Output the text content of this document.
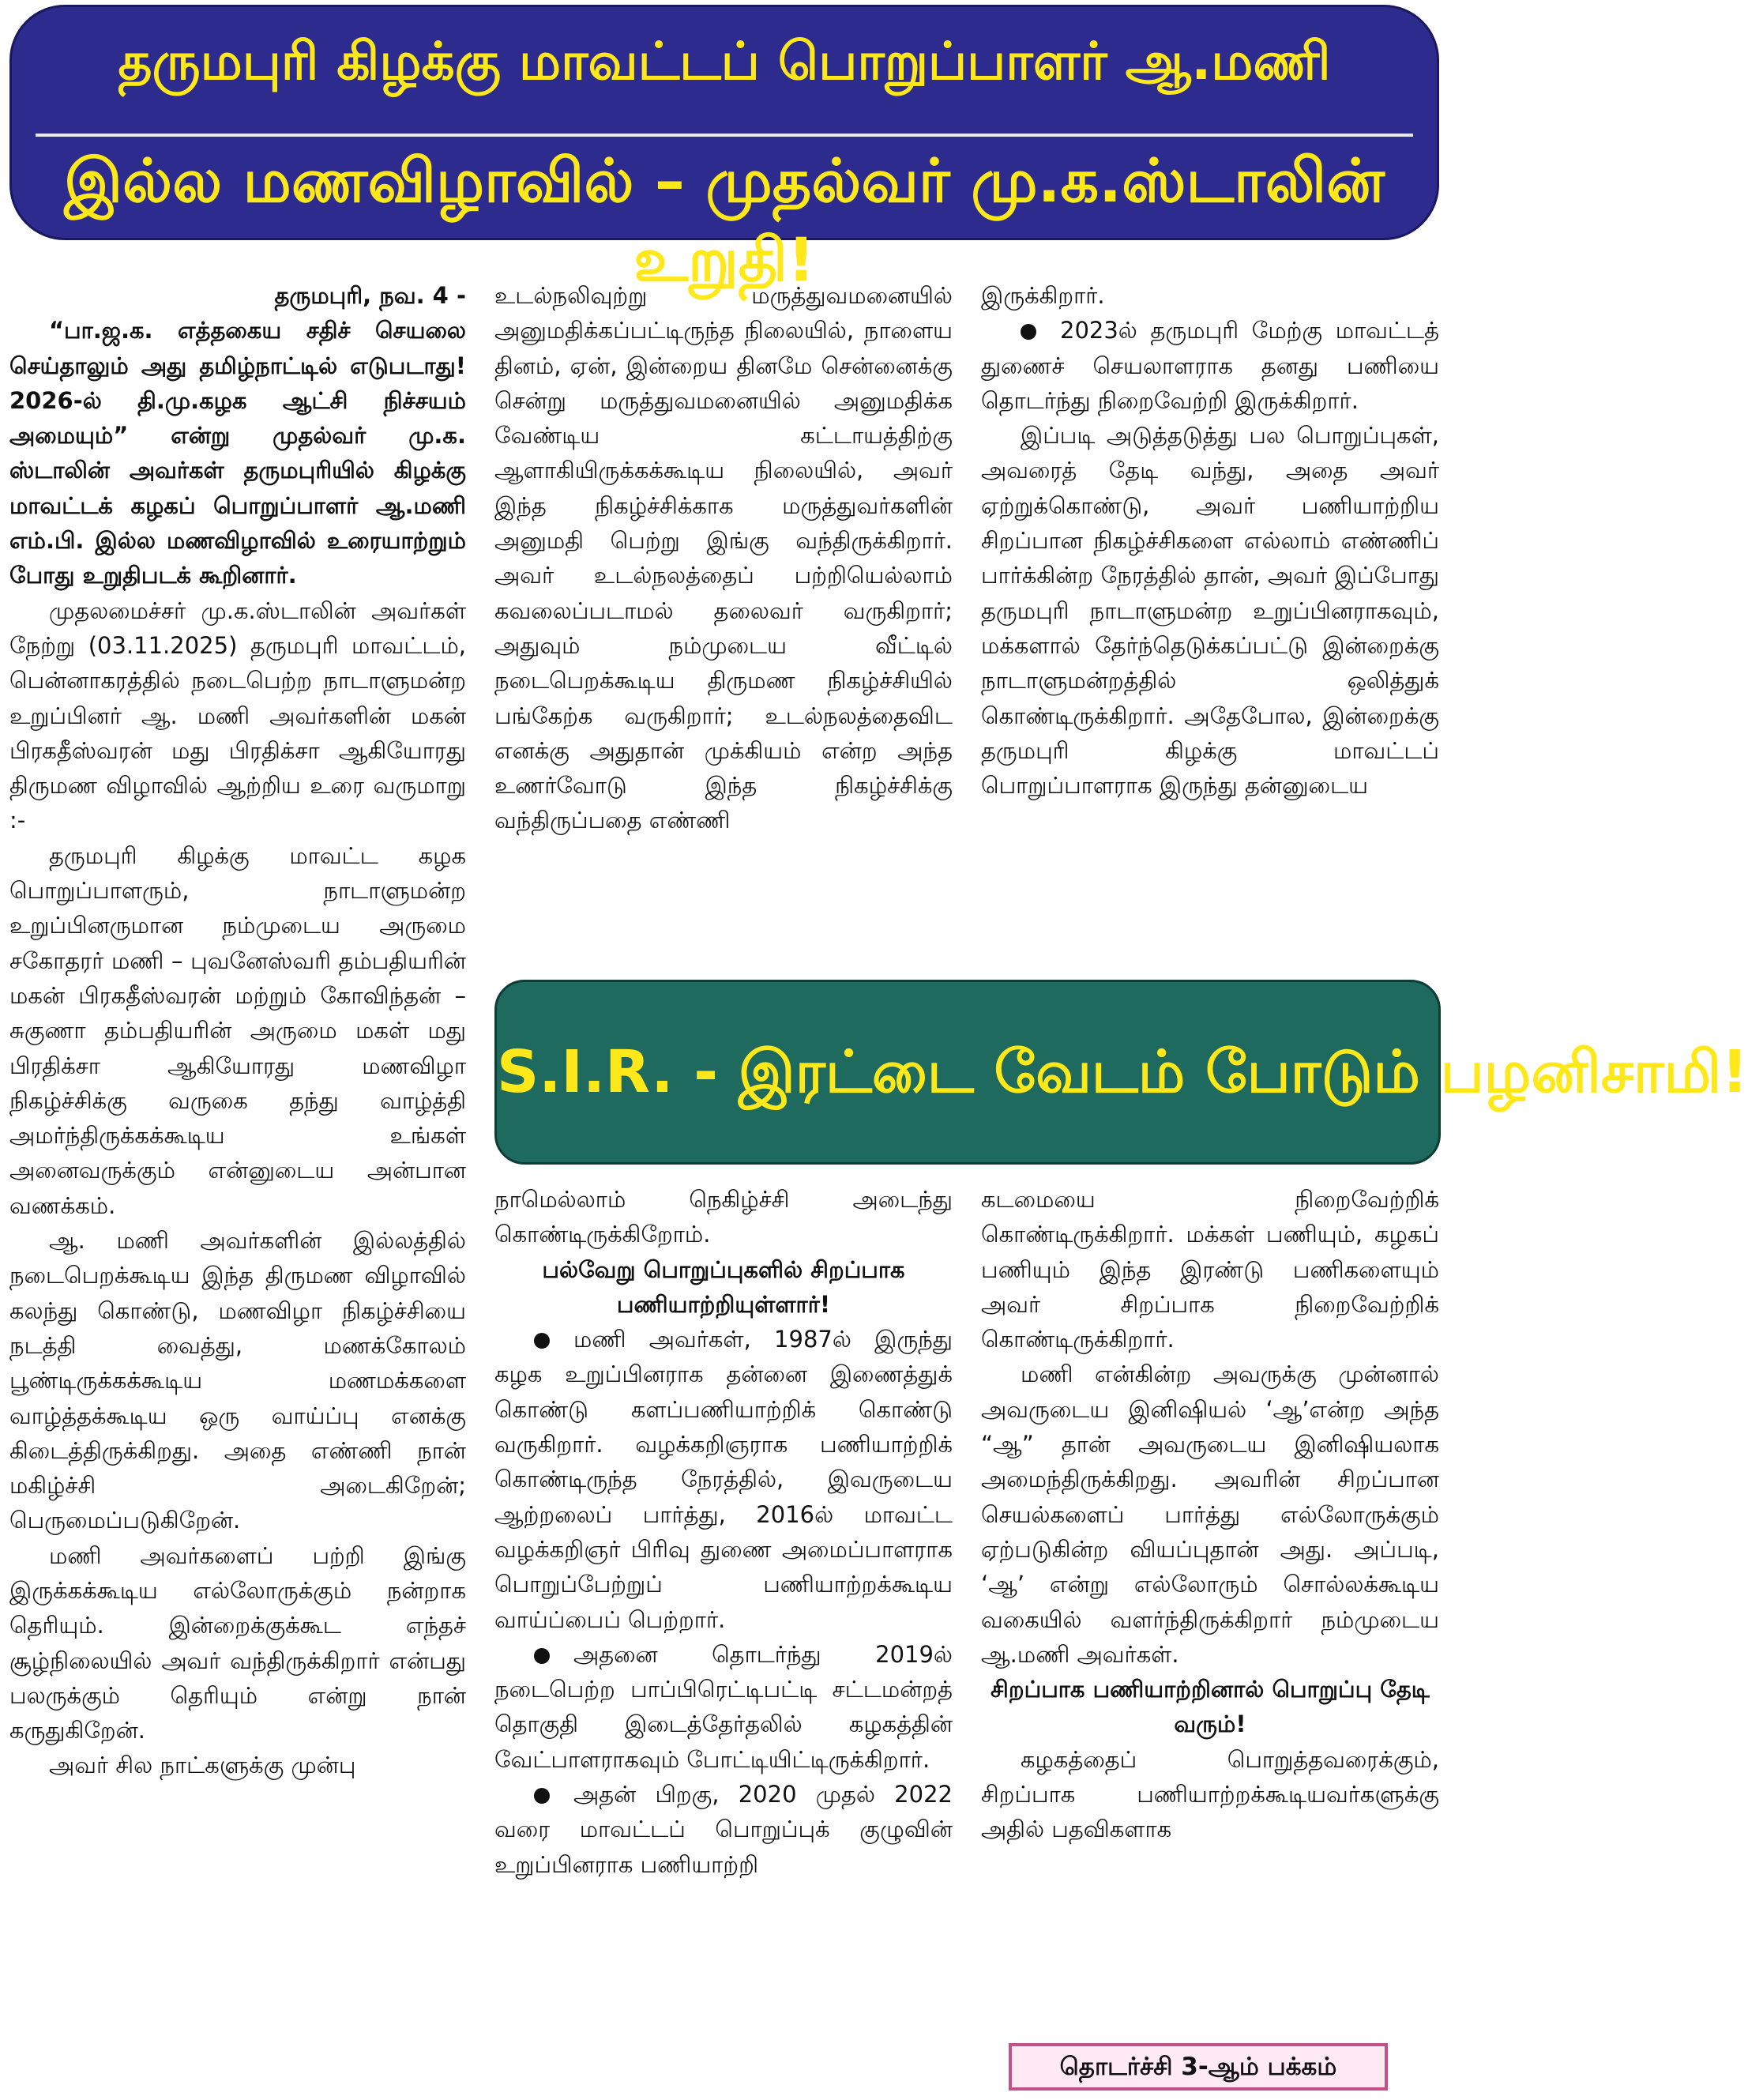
தருமபுரி கிழக்கு மாவட்டப் பொறுப்பாளர் ஆ.மணி
இல்ல மணவிழாவில் – முதல்வர் மு.க.ஸ்டாலின் உறுதி!

தருமபுரி, நவ. 4 -

“பா.ஜ.க. எத்தகைய சதிச் செயலை செய்தாலும் அது தமிழ்நாட்டில் எடுபடாது! 2026-ல் தி.மு.கழக ஆட்சி நிச்சயம் அமையும்” என்று முதல்வர் மு.க. ஸ்டாலின் அவர்கள் தருமபுரியில் கிழக்கு மாவட்டக் கழகப் பொறுப்பாளர் ஆ.மணி எம்.பி. இல்ல மணவிழாவில் உரையாற்றும் போது உறுதிபடக் கூறினார்.

முதலமைச்சர் மு.க.ஸ்டாலின் அவர்கள் நேற்று (03.11.2025) தருமபுரி மாவட்டம், பென்னாகரத்தில் நடைபெற்ற நாடாளுமன்ற உறுப்பினர் ஆ. மணி அவர்களின் மகன் பிரகதீஸ்வரன் மது பிரதிக்சா ஆகியோரது திருமண விழாவில் ஆற்றிய உரை வருமாறு :-

தருமபுரி கிழக்கு மாவட்ட கழக பொறுப்பாளரும், நாடாளுமன்ற உறுப்பினருமான நம்முடைய அருமை சகோதரர் மணி – புவனேஸ்வரி தம்பதியரின் மகன் பிரகதீஸ்வரன் மற்றும் கோவிந்தன் – சுகுணா தம்பதியரின் அருமை மகள் மது பிரதிக்சா ஆகியோரது மணவிழா நிகழ்ச்சிக்கு வருகை தந்து வாழ்த்தி அமர்ந்திருக்கக்கூடிய உங்கள் அனைவருக்கும் என்னுடைய அன்பான வணக்கம்.

ஆ. மணி அவர்களின் இல்லத்தில் நடைபெறக்கூடிய இந்த திருமண விழாவில் கலந்து கொண்டு, மணவிழா நிகழ்ச்சியை நடத்தி வைத்து, மணக்கோலம் பூண்டிருக்கக்கூடிய மணமக்களை வாழ்த்தக்கூடிய ஒரு வாய்ப்பு எனக்கு கிடைத்திருக்கிறது. அதை எண்ணி நான் மகிழ்ச்சி அடைகிறேன்; பெருமைப்படுகிறேன்.

மணி அவர்களைப் பற்றி இங்கு இருக்கக்கூடிய எல்லோருக்கும் நன்றாக தெரியும். இன்றைக்குக்கூட எந்தச் சூழ்நிலையில் அவர் வந்திருக்கிறார் என்பது பலருக்கும் தெரியும் என்று நான் கருதுகிறேன்.

அவர் சில நாட்களுக்கு முன்பு

உடல்நலிவுற்று மருத்துவமனையில் அனுமதிக்கப்பட்டிருந்த நிலையில், நாளைய தினம், ஏன், இன்றைய தினமே சென்னைக்கு சென்று மருத்துவமனையில் அனுமதிக்க வேண்டிய கட்டாயத்திற்கு ஆளாகியிருக்கக்கூடிய நிலையில், அவர் இந்த நிகழ்ச்சிக்காக மருத்துவர்களின் அனுமதி பெற்று இங்கு வந்திருக்கிறார். அவர் உடல்நலத்தைப் பற்றியெல்லாம் கவலைப்படாமல் தலைவர் வருகிறார்; அதுவும் நம்முடைய வீட்டில் நடைபெறக்கூடிய திருமண நிகழ்ச்சியில் பங்கேற்க வருகிறார்; உடல்நலத்தைவிட எனக்கு அதுதான் முக்கியம் என்ற அந்த உணர்வோடு இந்த நிகழ்ச்சிக்கு வந்திருப்பதை எண்ணி

இருக்கிறார்.

2023ல் தருமபுரி மேற்கு மாவட்டத் துணைச் செயலாளராக தனது பணியை தொடர்ந்து நிறைவேற்றி இருக்கிறார்.

இப்படி அடுத்தடுத்து பல பொறுப்புகள், அவரைத் தேடி வந்து, அதை அவர் ஏற்றுக்கொண்டு, அவர் பணியாற்றிய சிறப்பான நிகழ்ச்சிகளை எல்லாம் எண்ணிப் பார்க்கின்ற நேரத்தில் தான், அவர் இப்போது தருமபுரி நாடாளுமன்ற உறுப்பினராகவும், மக்களால் தேர்ந்தெடுக்கப்பட்டு இன்றைக்கு நாடாளுமன்றத்தில் ஒலித்துக் கொண்டிருக்கிறார். அதேபோல, இன்றைக்கு தருமபுரி கிழக்கு மாவட்டப் பொறுப்பாளராக இருந்து தன்னுடைய

S.I.R. - இரட்டை வேடம் போடும் பழனிசாமி!

நாமெல்லாம் நெகிழ்ச்சி அடைந்து கொண்டிருக்கிறோம்.

பல்வேறு பொறுப்புகளில் சிறப்பாக பணியாற்றியுள்ளார்!

மணி அவர்கள், 1987ல் இருந்து கழக உறுப்பினராக தன்னை இணைத்துக் கொண்டு களப்பணியாற்றிக் கொண்டு வருகிறார். வழக்கறிஞராக பணியாற்றிக் கொண்டிருந்த நேரத்தில், இவருடைய ஆற்றலைப் பார்த்து, 2016ல் மாவட்ட வழக்கறிஞர் பிரிவு துணை அமைப்பாளராக பொறுப்பேற்றுப் பணியாற்றக்கூடிய வாய்ப்பைப் பெற்றார்.

அதனை தொடர்ந்து 2019ல் நடைபெற்ற பாப்பிரெட்டிபட்டி சட்டமன்றத் தொகுதி இடைத்தேர்தலில் கழகத்தின் வேட்பாளராகவும் போட்டியிட்டிருக்கிறார்.

அதன் பிறகு, 2020 முதல் 2022 வரை மாவட்டப் பொறுப்புக் குழுவின் உறுப்பினராக பணியாற்றி

கடமையை நிறைவேற்றிக் கொண்டிருக்கிறார். மக்கள் பணியும், கழகப் பணியும் இந்த இரண்டு பணிகளையும் அவர் சிறப்பாக நிறைவேற்றிக் கொண்டிருக்கிறார்.

மணி என்கின்ற அவருக்கு முன்னால் அவருடைய இனிஷியல் ‘ஆ’என்ற அந்த “ஆ” தான் அவருடைய இனிஷியலாக அமைந்திருக்கிறது. அவரின் சிறப்பான செயல்களைப் பார்த்து எல்லோருக்கும் ஏற்படுகின்ற வியப்புதான் அது. அப்படி, ‘ஆ’ என்று எல்லோரும் சொல்லக்கூடிய வகையில் வளர்ந்திருக்கிறார் நம்முடைய ஆ.மணி அவர்கள்.

சிறப்பாக பணியாற்றினால் பொறுப்பு தேடி வரும்!

கழகத்தைப் பொறுத்தவரைக்கும், சிறப்பாக பணியாற்றக்கூடியவர்களுக்கு அதில் பதவிகளாக

தொடர்ச்சி 3-ஆம் பக்கம்
